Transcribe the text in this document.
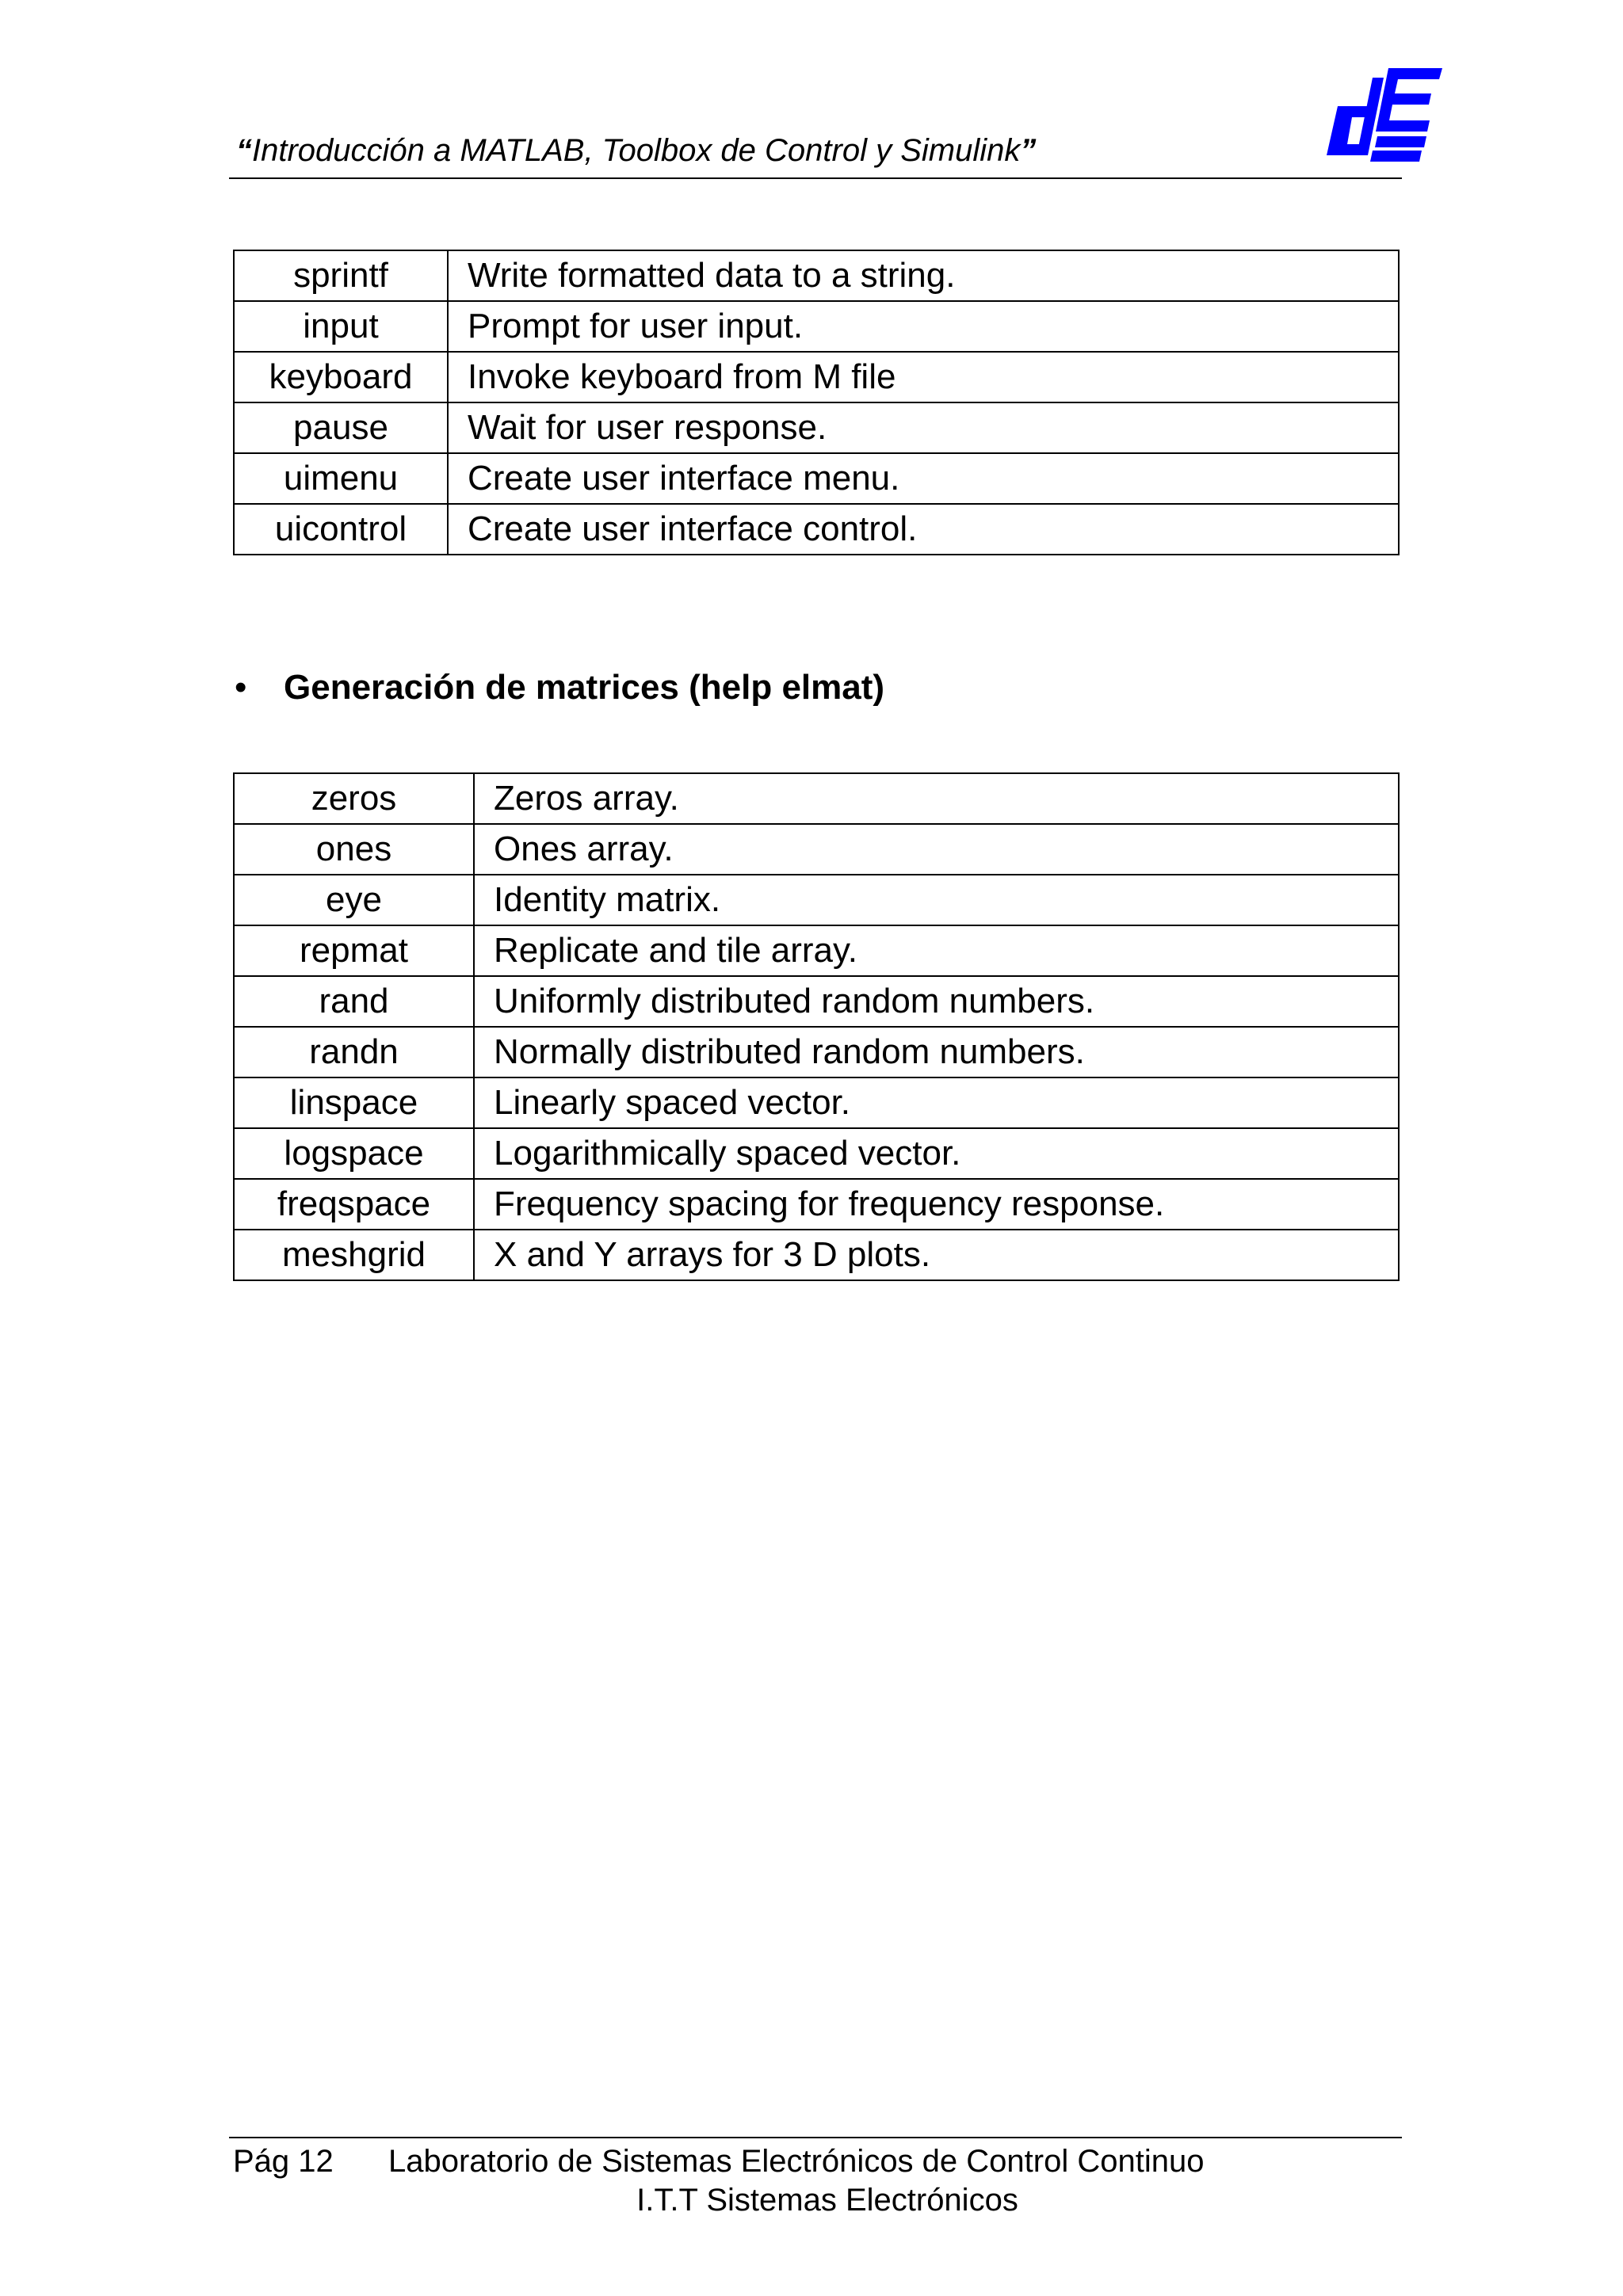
“Introducción a MATLAB, Toolbox de Control y Simulink”
sprintf	Write formatted data to a string.
input	Prompt for user input.
keyboard	Invoke keyboard from M file
pause	Wait for user response.
uimenu	Create user interface menu.
uicontrol	Create user interface control.
• Generación de matrices (help elmat)
zeros	Zeros array.
ones	Ones array.
eye	Identity matrix.
repmat	Replicate and tile array.
rand	Uniformly distributed random numbers.
randn	Normally distributed random numbers.
linspace	Linearly spaced vector.
logspace	Logarithmically spaced vector.
freqspace	Frequency spacing for frequency response.
meshgrid	X and Y arrays for 3 D plots.
Pág 12 Laboratorio de Sistemas Electrónicos de Control Continuo
I.T.T Sistemas Electrónicos
